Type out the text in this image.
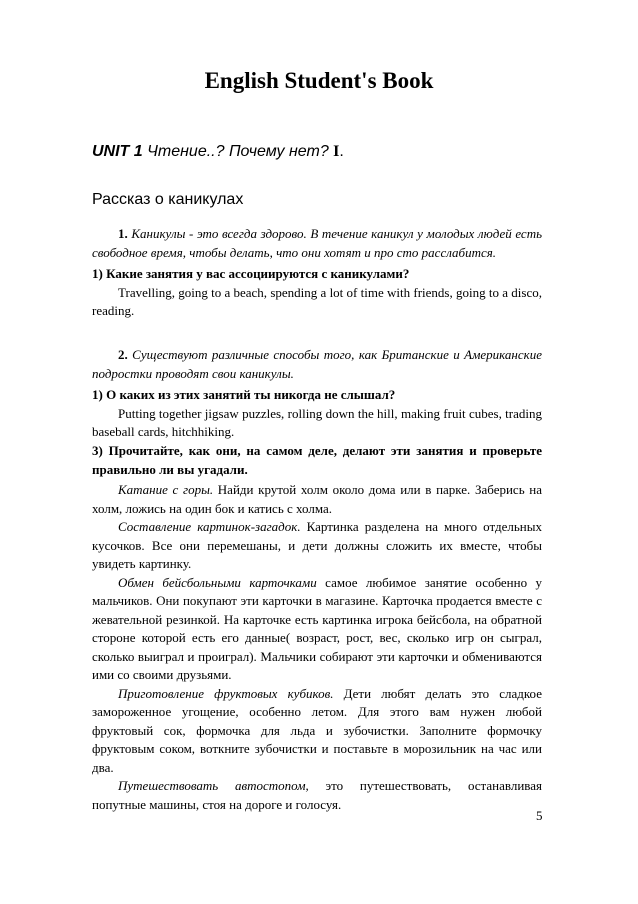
English Student's Book
UNIT 1 Чтение..? Почему нет? I.
Рассказ о каникулах

1. Каникулы - это всегда здорово. В течение каникул у молодых людей есть свободное время, чтобы делать, что они хотят и про сто расслабится.

1) Какие занятия у вас ассоциируются с каникулами?

Travelling, going to a beach, spending a lot of time with friends, going to a disco, reading.

2. Существуют различные способы того, как Британские и Американские подростки проводят свои каникулы.

1) О каких из этих занятий ты никогда не слышал?

Putting together jigsaw puzzles, rolling down the hill, making fruit cubes, trading baseball cards, hitchhiking.

3) Прочитайте, как они, на самом деле, делают эти занятия и проверьте правильно ли вы угадали.

Катание с горы. Найди крутой холм около дома или в парке. Заберись на холм, ложись на один бок и катись с холма.

Составление картинок-загадок. Картинка разделена на много отдельных кусочков. Все они перемешаны, и дети должны сложить их вместе, чтобы увидеть картинку.

Обмен бейсбольными карточками самое любимое занятие особенно у мальчиков. Они покупают эти карточки в магазине. Карточка продается вместе с жевательной резинкой. На карточке есть картинка игрока бейсбола, на обратной стороне которой есть его данные( возраст, рост, вес, сколько игр он сыграл, сколько выиграл и проиграл). Мальчики собирают эти карточки и обмениваются ими со своими друзьями.

Приготовление фруктовых кубиков. Дети любят делать это сладкое замороженное угощение, особенно летом. Для этого вам нужен любой фруктовый сок, формочка для льда и зубочистки. Заполните формочку фруктовым соком, воткните зубочистки и поставьте в морозильник на час или два.

Путешествовать автостопом, это путешествовать, останавливая попутные машины, стоя на дороге и голосуя.

5
